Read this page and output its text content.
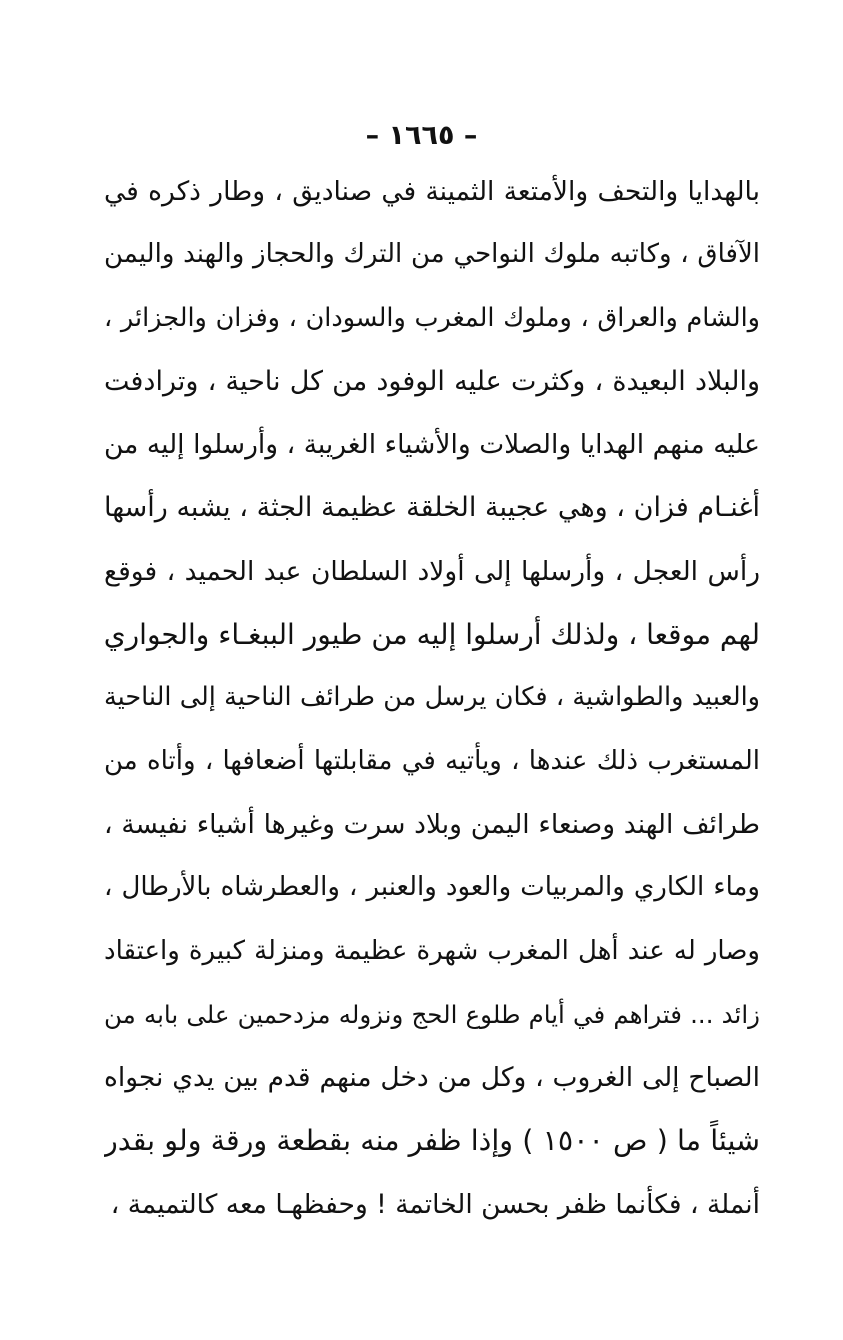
– ١٦٦٥ –
بالهدايا والتحف والأمتعة الثمينة في صناديق ، وطار ذكره في
الآفاق ، وكاتبه ملوك النواحي من الترك والحجاز والهند واليمن
والشام والعراق ، وملوك المغرب والسودان ، وفزان والجزائر ،
والبلاد البعيدة ، وكثرت عليه الوفود من كل ناحية ، وترادفت
عليه منهم الهدايا والصلات والأشياء الغريبة ، وأرسلوا إليه من
أغنـام فزان ، وهي عجيبة الخلقة عظيمة الجثة ، يشبه رأسها
رأس العجل ، وأرسلها إلى أولاد السلطان عبد الحميد ، فوقع
لهم موقعا ، ولذلك أرسلوا إليه من طيور الببغـاء والجواري
والعبيد والطواشية ، فكان يرسل من طرائف الناحية إلى الناحية
المستغرب ذلك عندها ، ويأتيه في مقابلتها أضعافها ، وأتاه من
طرائف الهند وصنعاء اليمن وبلاد سرت وغيرها أشياء نفيسة ،
وماء الكاري والمربيات والعود والعنبر ، والعطرشاه بالأرطال ،
وصار له عند أهل المغرب شهرة عظيمة ومنزلة كبيرة واعتقاد
زائد ... فتراهم في أيام طلوع الحج ونزوله مزدحمين على بابه من
الصباح إلى الغروب ، وكل من دخل منهم قدم بين يدي نجواه
شيئاً ما ( ص ١٥٠٠ ) وإذا ظفر منه بقطعة ورقة ولو بقدر
أنملة ، فكأنما ظفر بحسن الخاتمة ! وحفظهـا معه كالتميمة ،
